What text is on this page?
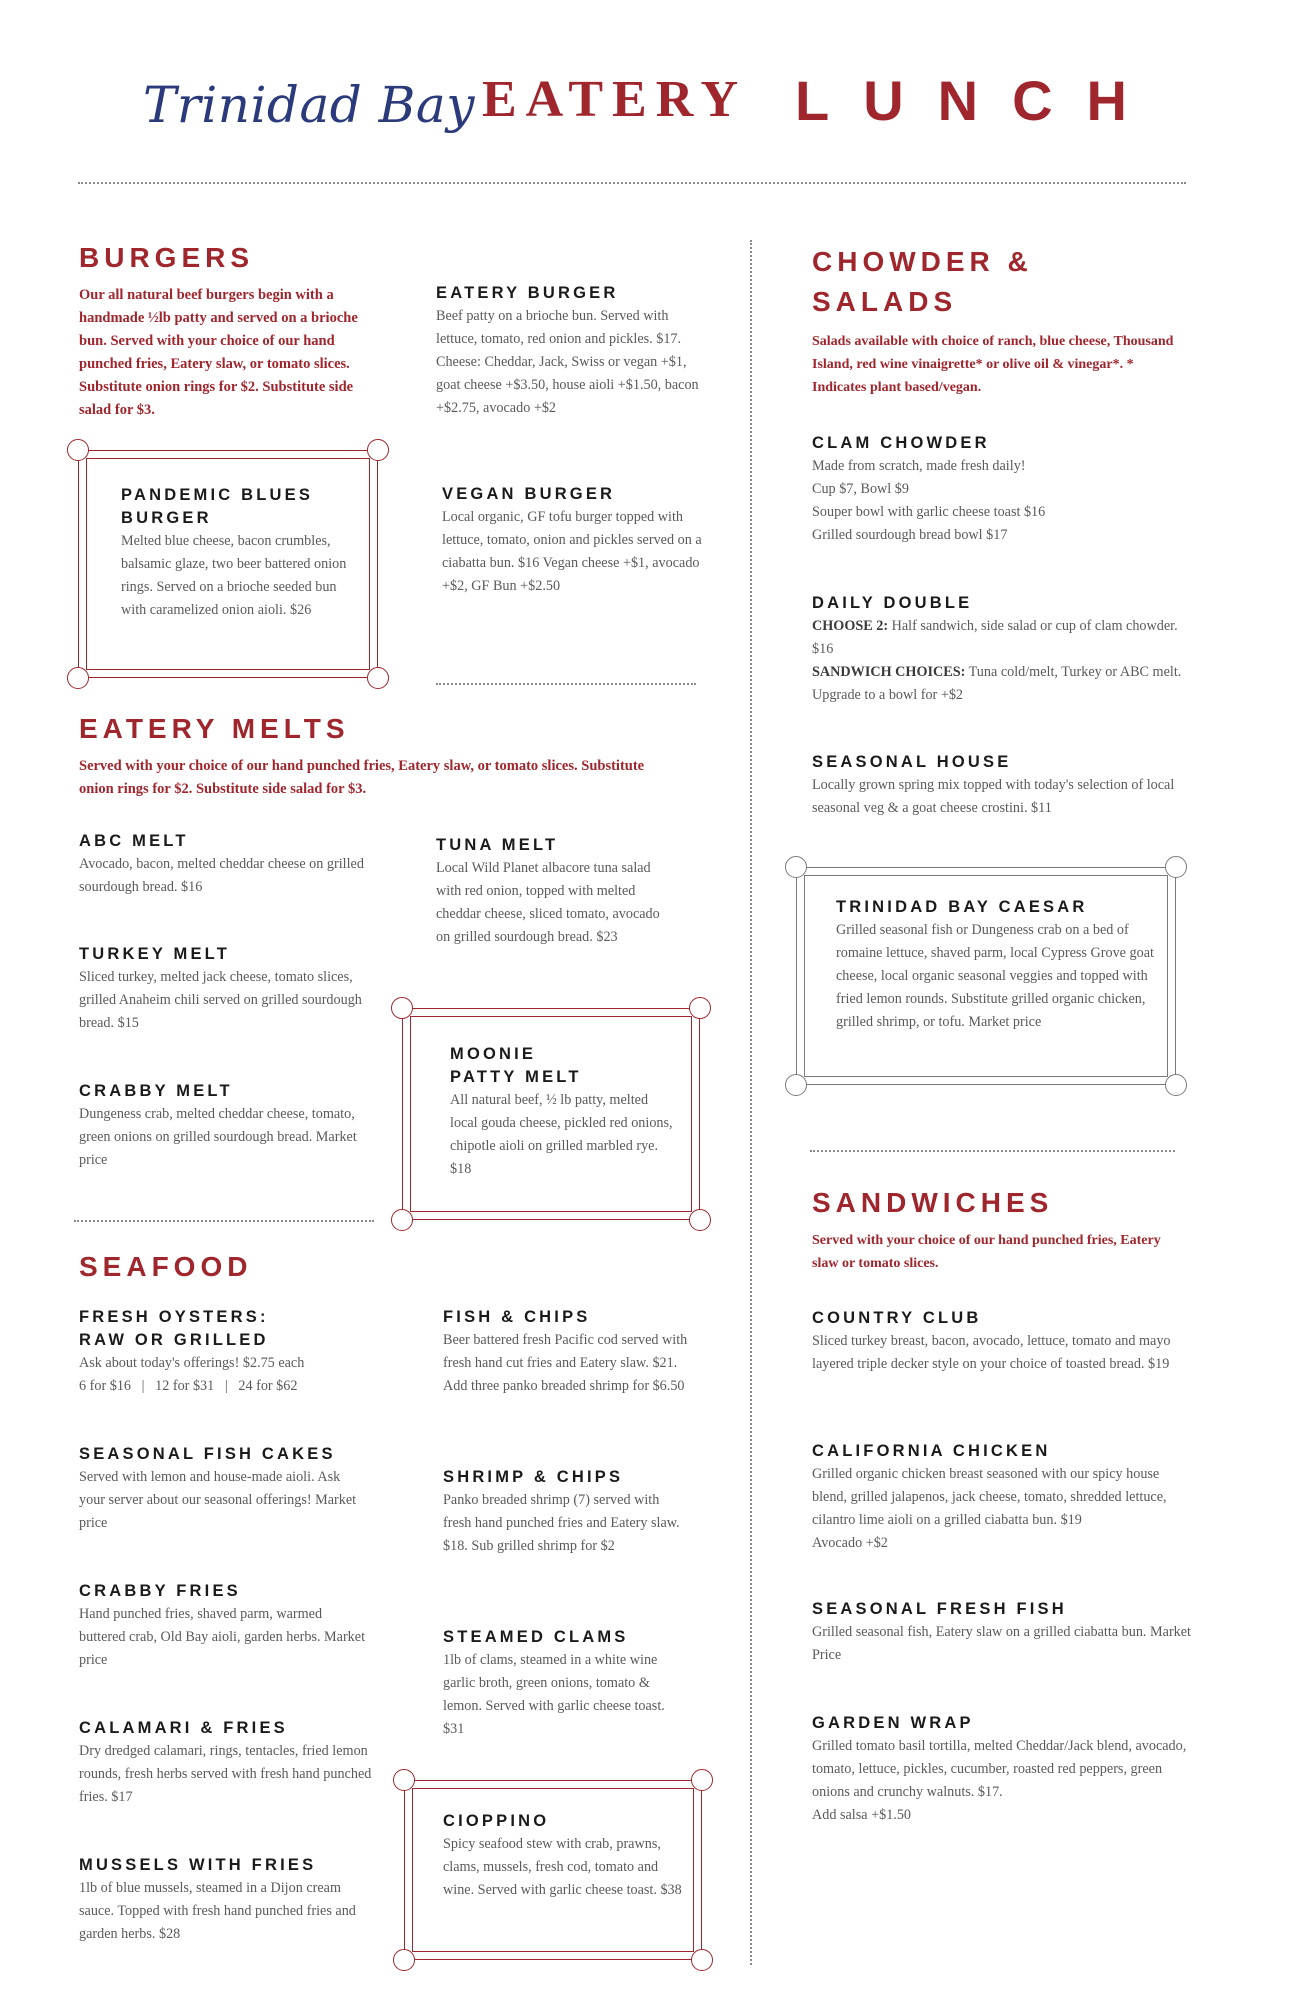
Trinidad Bay EATERY LUNCH
BURGERS
Our all natural beef burgers begin with a handmade ½lb patty and served on a brioche bun. Served with your choice of our hand punched fries, Eatery slaw, or tomato slices. Substitute onion rings for $2. Substitute side salad for $3.
EATERY BURGER
Beef patty on a brioche bun. Served with lettuce, tomato, red onion and pickles. $17. Cheese: Cheddar, Jack, Swiss or vegan +$1, goat cheese +$3.50, house aioli +$1.50, bacon +$2.75, avocado +$2
PANDEMIC BLUES BURGER
Melted blue cheese, bacon crumbles, balsamic glaze, two beer battered onion rings. Served on a brioche seeded bun with caramelized onion aioli. $26
VEGAN BURGER
Local organic, GF tofu burger topped with lettuce, tomato, onion and pickles served on a ciabatta bun. $16 Vegan cheese +$1, avocado +$2, GF Bun +$2.50
EATERY MELTS
Served with your choice of our hand punched fries, Eatery slaw, or tomato slices. Substitute onion rings for $2. Substitute side salad for $3.
ABC MELT
Avocado, bacon, melted cheddar cheese on grilled sourdough bread. $16
TUNA MELT
Local Wild Planet albacore tuna salad with red onion, topped with melted cheddar cheese, sliced tomato, avocado on grilled sourdough bread. $23
TURKEY MELT
Sliced turkey, melted jack cheese, tomato slices, grilled Anaheim chili served on grilled sourdough bread. $15
MOONIE PATTY MELT
All natural beef, ½ lb patty, melted local gouda cheese, pickled red onions, chipotle aioli on grilled marbled rye. $18
CRABBY MELT
Dungeness crab, melted cheddar cheese, tomato, green onions on grilled sourdough bread. Market price
SEAFOOD
FRESH OYSTERS: RAW OR GRILLED
Ask about today's offerings! $2.75 each
6 for $16   |   12 for $31   |   24 for $62
FISH & CHIPS
Beer battered fresh Pacific cod served with fresh hand cut fries and Eatery slaw. $21. Add three panko breaded shrimp for $6.50
SEASONAL FISH CAKES
Served with lemon and house-made aioli. Ask your server about our seasonal offerings! Market price
SHRIMP & CHIPS
Panko breaded shrimp (7) served with fresh hand punched fries and Eatery slaw. $18. Sub grilled shrimp for $2
CRABBY FRIES
Hand punched fries, shaved parm, warmed buttered crab, Old Bay aioli, garden herbs. Market price
STEAMED CLAMS
1lb of clams, steamed in a white wine garlic broth, green onions, tomato & lemon. Served with garlic cheese toast. $31
CALAMARI & FRIES
Dry dredged calamari, rings, tentacles, fried lemon rounds, fresh herbs served with fresh hand punched fries. $17
CIOPPINO
Spicy seafood stew with crab, prawns, clams, mussels, fresh cod, tomato and wine. Served with garlic cheese toast. $38
MUSSELS WITH FRIES
1lb of blue mussels, steamed in a Dijon cream sauce. Topped with fresh hand punched fries and garden herbs. $28
CHOWDER &
SALADS
Salads available with choice of ranch, blue cheese, Thousand Island, red wine vinaigrette* or olive oil & vinegar*. * Indicates plant based/vegan.
CLAM CHOWDER
Made from scratch, made fresh daily!
Cup $7, Bowl $9
Souper bowl with garlic cheese toast $16
Grilled sourdough bread bowl $17
DAILY DOUBLE
CHOOSE 2: Half sandwich, side salad or cup of clam chowder. $16
SANDWICH CHOICES: Tuna cold/melt, Turkey or ABC melt. Upgrade to a bowl for +$2
SEASONAL HOUSE
Locally grown spring mix topped with today's selection of local seasonal veg & a goat cheese crostini. $11
TRINIDAD BAY CAESAR
Grilled seasonal fish or Dungeness crab on a bed of romaine lettuce, shaved parm, local Cypress Grove goat cheese, local organic seasonal veggies and topped with fried lemon rounds. Substitute grilled organic chicken, grilled shrimp, or tofu. Market price
SANDWICHES
Served with your choice of our hand punched fries, Eatery slaw or tomato slices.
COUNTRY CLUB
Sliced turkey breast, bacon, avocado, lettuce, tomato and mayo layered triple decker style on your choice of toasted bread. $19
CALIFORNIA CHICKEN
Grilled organic chicken breast seasoned with our spicy house blend, grilled jalapenos, jack cheese, tomato, shredded lettuce, cilantro lime aioli on a grilled ciabatta bun. $19
Avocado +$2
SEASONAL FRESH FISH
Grilled seasonal fish, Eatery slaw on a grilled ciabatta bun. Market Price
GARDEN WRAP
Grilled tomato basil tortilla, melted Cheddar/Jack blend, avocado, tomato, lettuce, pickles, cucumber, roasted red peppers, green onions and crunchy walnuts. $17.
Add salsa +$1.50
